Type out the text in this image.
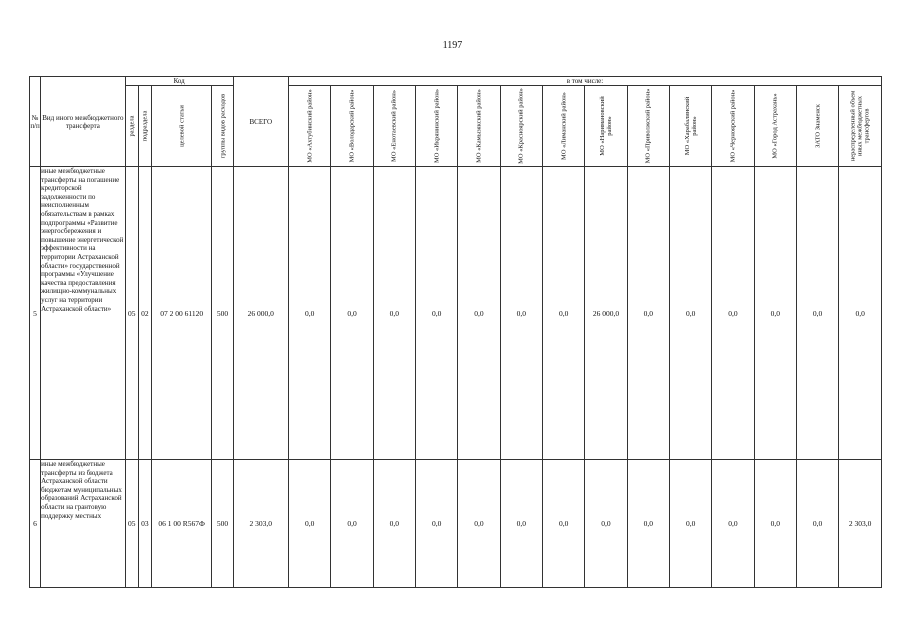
1197
№ п/п	Вид иного межбюджетного трансферта	Код				ВСЕГО	в том числе:													

		раздела	подраздела	целевой статьи	группы видов расходов		МО «Ахтубинский район»	МО «Володарский район»	МО «Енотаевский район»	МО «Икрянинский район»	МО «Камызякский район»	МО «Красноярский район»	МО «Лиманский район»	МО «Наримановский район»	МО «Приволжский район»	МО «Харабалинский район»	МО «Черноярский район»	МО «Город Астрахань»	ЗАТО Знаменск	нераспределенный объем иных межбюджетных трансфертов

5	иные межбюджетные трансферты на погашение кредиторской задолженности по неисполненным обязательствам в рамках подпрограммы «Развитие энергосбережения и повышение энергетической эффективности на территории Астраханской области» государственной программы «Улучшение качества предоставления жилищно-коммунальных услуг на территории Астраханской области»	05	02	07 2 00 61120	500	26 000,0	0,0	0,0	0,0	0,0	0,0	0,0	0,0	26 000,0	0,0	0,0	0,0	0,0	0,0	0,0
6	иные межбюджетные трансферты из бюджета Астраханской области бюджетам муниципальных образований Астраханской области на грантовую поддержку местных	05	03	06 1 00 R567Ф	500	2 303,0	0,0	0,0	0,0	0,0	0,0	0,0	0,0	0,0	0,0	0,0	0,0	0,0	0,0	2 303,0
